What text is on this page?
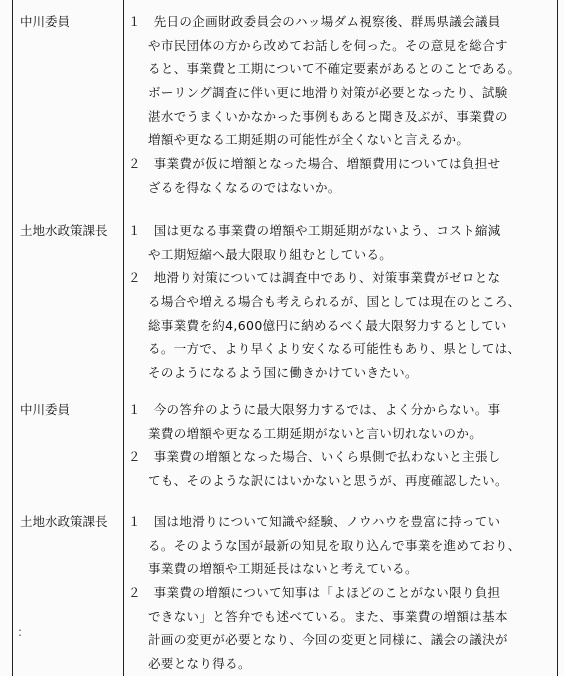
中川委員	１　先日の企画財政委員会のハッ場ダム視察後、群馬県議会議員
や市民団体の方から改めてお話しを伺った。その意見を総合す
ると、事業費と工期について不確定要素があるとのことである。
ボーリング調査に伴い更に地滑り対策が必要となったり、試験
湛水でうまくいかなかった事例もあると聞き及ぶが、事業費の
増額や更なる工期延期の可能性が全くないと言えるか。
２　事業費が仮に増額となった場合、増額費用については負担せ
ざるを得なくなるのではないか。
土地水政策課長 １　国は更なる事業費の増額や工期延期がないよう、コスト縮減
や工期短縮へ最大限取り組むとしている。
２　地滑り対策については調査中であり、対策事業費がゼロとな
る場合や増える場合も考えられるが、国としては現在のところ、
総事業費を約4,600億円に納めるべく最大限努力するとしてい
る。一方で、より早くより安くなる可能性もあり、県としては、
そのようになるよう国に働きかけていきたい。
中川委員	１　今の答弁のように最大限努力するでは、よく分からない。事
業費の増額や更なる工期延期がないと言い切れないのか。
２　事業費の増額となった場合、いくら県側で払わないと主張し
ても、そのような訳にはいかないと思うが、再度確認したい。
土地水政策課長 １　国は地滑りについて知識や経験、ノウハウを豊富に持ってい
る。そのような国が最新の知見を取り込んで事業を進めており、
事業費の増額や工期延長はないと考えている。
２　事業費の増額について知事は「よほどのことがない限り負担
できない」と答弁でも述べている。また、事業費の増額は基本
計画の変更が必要となり、今回の変更と同様に、議会の議決が
必要となり得る。
:
